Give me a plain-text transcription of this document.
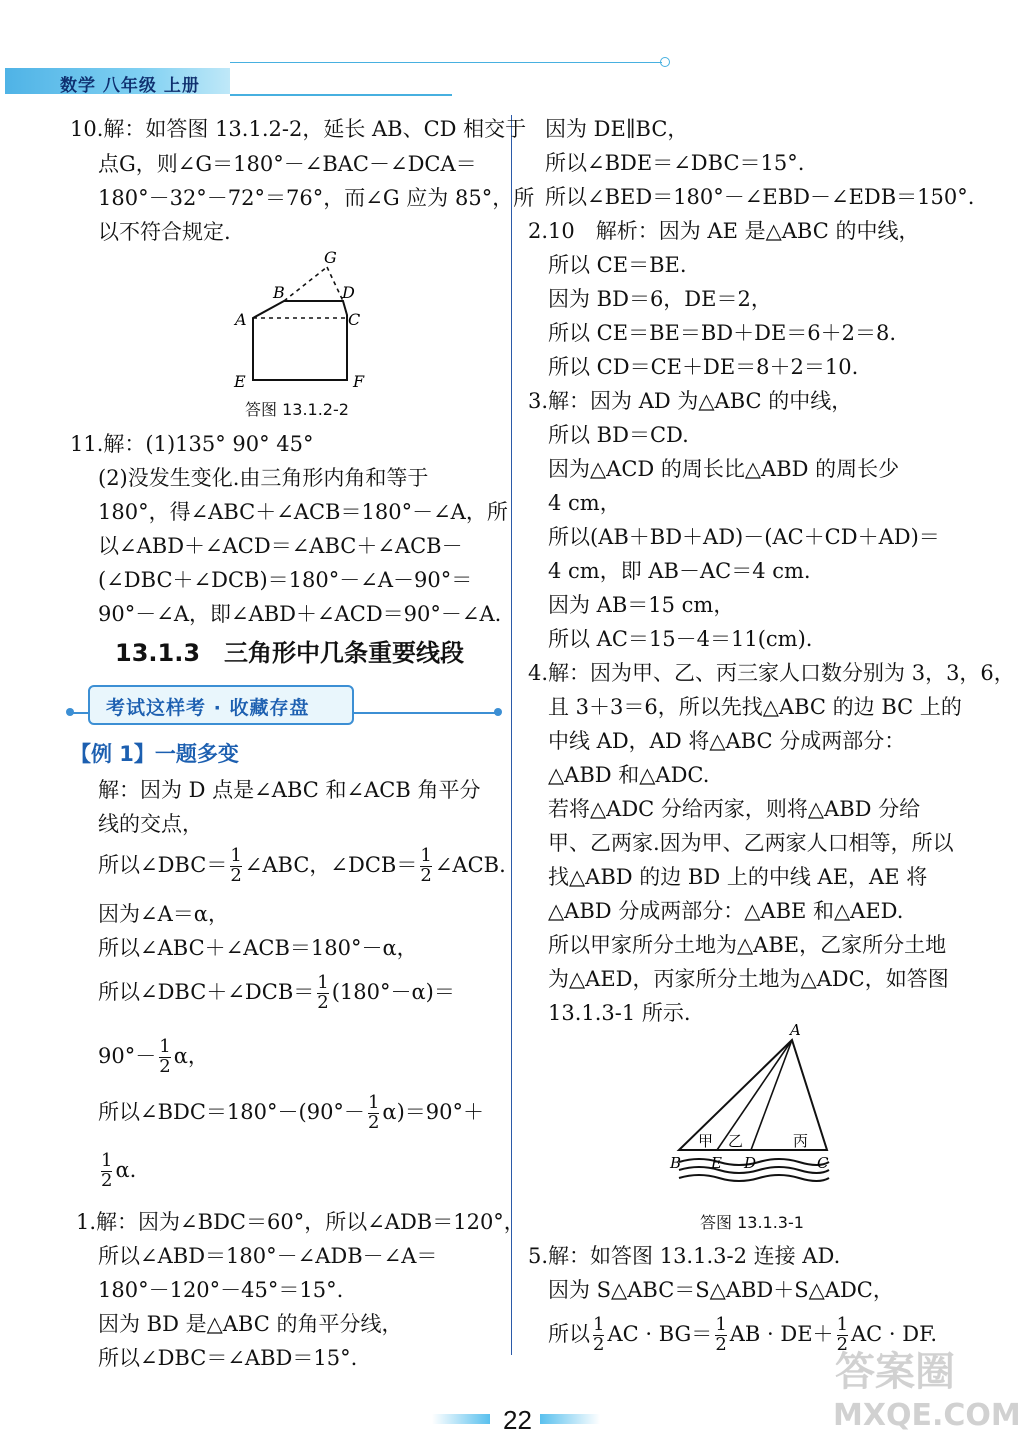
数学 八年级 上册
10.解：如答图 13.1.2-2，延长 AB、CD 相交于
点G，则∠G＝180°－∠BAC－∠DCA＝
180°－32°－72°＝76°，而∠G 应为 85°，所
以不符合规定.
G
B	D
A	C
E	F
答图 13.1.2-2
11.解：(1)135° 90° 45°
(2)没发生变化.由三角形内角和等于
180°，得∠ABC＋∠ACB＝180°－∠A，所
以∠ABD＋∠ACD＝∠ABC＋∠ACB－
(∠DBC＋∠DCB)＝180°－∠A－90°＝
90°－∠A，即∠ABD＋∠ACD＝90°－∠A.
13.1.3　三角形中几条重要线段
考试这样考 · 收藏存盘
【例 1】一题多变
解：因为 D 点是∠ABC 和∠ACB 角平分
线的交点，
所以∠DBC＝ $\frac{1}{2}$ ∠ABC，∠DCB＝ $\frac{1}{2}$ ∠ACB.
因为∠A＝α，
所以∠ABC＋∠ACB＝180°－α，
所以∠DBC＋∠DCB＝ $\frac{1}{2} (180^\circ-\alpha)=$
$90^\circ- \frac{1}{2}$ α，
所以∠BDC＝180°－(90°－ $\frac{1}{2} \alpha)=90^\circ+$
$\frac{1}{2} \alpha$.
1.解：因为∠BDC＝60°，所以∠ADB＝120°，
所以∠ABD＝180°－∠ADB－∠A＝
180°－120°－45°＝15°.
因为 BD 是△ABC 的角平分线，
所以∠DBC＝∠ABD＝15°.
因为 DE∥BC，
所以∠BDE＝∠DBC＝15°.
所以∠BED＝180°－∠EBD－∠EDB＝150°.
2.10　解析：因为 AE 是△ABC 的中线，
所以 CE＝BE.
因为 BD＝6，DE＝2，
所以 CE＝BE＝BD＋DE＝6＋2＝8.
所以 CD＝CE＋DE＝8＋2＝10.
3.解：因为 AD 为△ABC 的中线，
所以 BD＝CD.
因为△ACD 的周长比△ABD 的周长少
4 cm，
所以(AB＋BD＋AD)－(AC＋CD＋AD)＝
4 cm，即 AB－AC＝4 cm.
因为 AB＝15 cm，
所以 AC＝15－4＝11(cm).
4.解：因为甲、乙、丙三家人口数分别为 3，3，6，
且 3＋3＝6，所以先找△ABC 的边 BC 上的
中线 AD，AD 将△ABC 分成两部分：
△ABD 和△ADC.
若将△ADC 分给丙家，则将△ABD 分给
甲、乙两家.因为甲、乙两家人口相等，所以
找△ABD 的边 BD 上的中线 AE，AE 将
△ABD 分成两部分：△ABE 和△AED.
所以甲家所分土地为△ABE，乙家所分土地
为△AED，丙家所分土地为△ADC，如答图
13.1.3-1 所示.
A
甲 乙	丙
B E D	C
答图 13.1.3-1
5.解：如答图 13.1.3-2 连接 AD.
因为 S△ABC＝S△ABD＋S△ADC，
所以 $\frac{1}{2}$ AC · $BG= \frac{1}{2}$ AB · $DE+ \frac{1}{2}$ AC · DF.
22
答案圈
MXQE.COM
